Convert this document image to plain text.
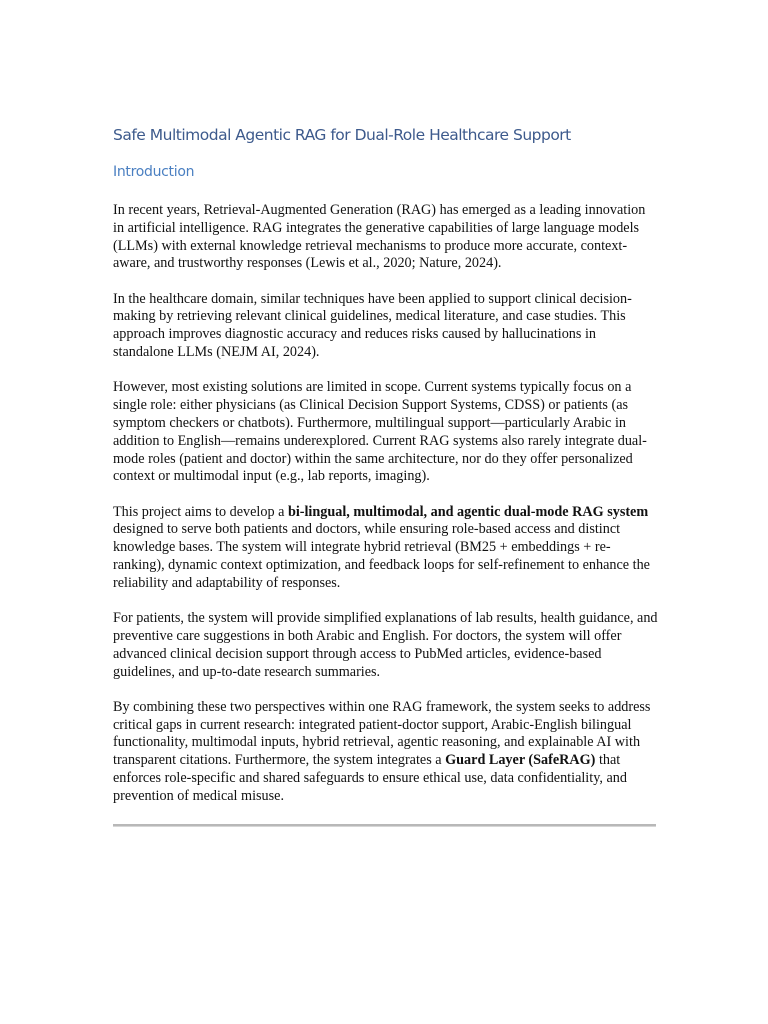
Safe Multimodal Agentic RAG for Dual-Role Healthcare Support
Introduction

In recent years, Retrieval-Augmented Generation (RAG) has emerged as a leading innovation in artificial intelligence. RAG integrates the generative capabilities of large language models (LLMs) with external knowledge retrieval mechanisms to produce more accurate, context-aware, and trustworthy responses (Lewis et al., 2020; Nature, 2024).

In the healthcare domain, similar techniques have been applied to support clinical decision-making by retrieving relevant clinical guidelines, medical literature, and case studies. This approach improves diagnostic accuracy and reduces risks caused by hallucinations in standalone LLMs (NEJM AI, 2024).

However, most existing solutions are limited in scope. Current systems typically focus on a single role: either physicians (as Clinical Decision Support Systems, CDSS) or patients (as symptom checkers or chatbots). Furthermore, multilingual support—particularly Arabic in addition to English—remains underexplored. Current RAG systems also rarely integrate dual-mode roles (patient and doctor) within the same architecture, nor do they offer personalized context or multimodal input (e.g., lab reports, imaging).

This project aims to develop a bi-lingual, multimodal, and agentic dual-mode RAG system designed to serve both patients and doctors, while ensuring role-based access and distinct knowledge bases. The system will integrate hybrid retrieval (BM25 + embeddings + re-ranking), dynamic context optimization, and feedback loops for self-refinement to enhance the reliability and adaptability of responses.

For patients, the system will provide simplified explanations of lab results, health guidance, and preventive care suggestions in both Arabic and English. For doctors, the system will offer advanced clinical decision support through access to PubMed articles, evidence-based guidelines, and up-to-date research summaries.

By combining these two perspectives within one RAG framework, the system seeks to address critical gaps in current research: integrated patient-doctor support, Arabic-English bilingual functionality, multimodal inputs, hybrid retrieval, agentic reasoning, and explainable AI with transparent citations. Furthermore, the system integrates a Guard Layer (SafeRAG) that enforces role-specific and shared safeguards to ensure ethical use, data confidentiality, and prevention of medical misuse.
